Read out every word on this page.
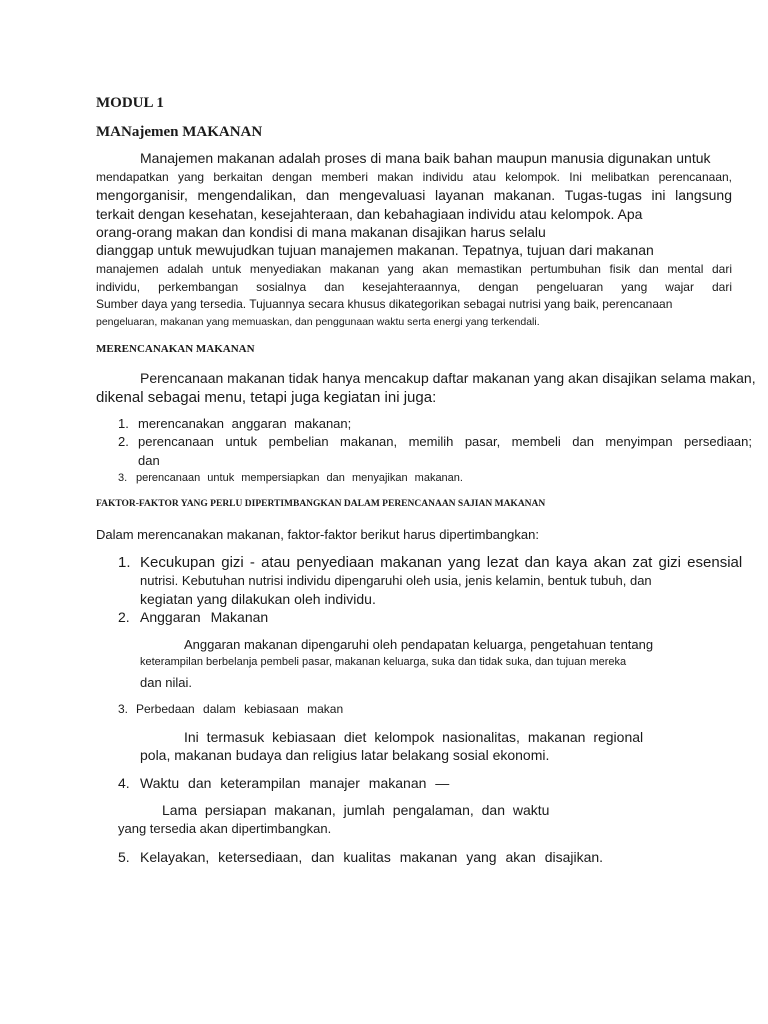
MODUL 1

MANajemen MAKANAN

Manajemen makanan adalah proses di mana baik bahan maupun manusia digunakan untuk

mendapatkan yang berkaitan dengan memberi makan individu atau kelompok. Ini melibatkan perencanaan,

mengorganisir, mengendalikan, dan mengevaluasi layanan makanan. Tugas-tugas ini langsung

terkait dengan kesehatan, kesejahteraan, dan kebahagiaan individu atau kelompok. Apa

orang-orang makan dan kondisi di mana makanan disajikan harus selalu

dianggap untuk mewujudkan tujuan manajemen makanan. Tepatnya, tujuan dari makanan

manajemen adalah untuk menyediakan makanan yang akan memastikan pertumbuhan fisik dan mental dari

individu, perkembangan sosialnya dan kesejahteraannya, dengan pengeluaran yang wajar dari

Sumber daya yang tersedia. Tujuannya secara khusus dikategorikan sebagai nutrisi yang baik, perencanaan

pengeluaran, makanan yang memuaskan, dan penggunaan waktu serta energi yang terkendali.

MERENCANAKAN MAKANAN

Perencanaan makanan tidak hanya mencakup daftar makanan yang akan disajikan selama makan,

dikenal sebagai menu, tetapi juga kegiatan ini juga:

1. merencanakan anggaran makanan;

2. perencanaan untuk pembelian makanan, memilih pasar, membeli dan menyimpan persediaan;

dan

3. perencanaan untuk mempersiapkan dan menyajikan makanan.

FAKTOR-FAKTOR YANG PERLU DIPERTIMBANGKAN DALAM PERENCANAAN SAJIAN MAKANAN

Dalam merencanakan makanan, faktor-faktor berikut harus dipertimbangkan:

1. Kecukupan gizi - atau penyediaan makanan yang lezat dan kaya akan zat gizi esensial

nutrisi. Kebutuhan nutrisi individu dipengaruhi oleh usia, jenis kelamin, bentuk tubuh, dan

kegiatan yang dilakukan oleh individu.

2. Anggaran Makanan

Anggaran makanan dipengaruhi oleh pendapatan keluarga, pengetahuan tentang

keterampilan berbelanja pembeli pasar, makanan keluarga, suka dan tidak suka, dan tujuan mereka

dan nilai.

3. Perbedaan dalam kebiasaan makan

Ini termasuk kebiasaan diet kelompok nasionalitas, makanan regional

pola, makanan budaya dan religius latar belakang sosial ekonomi.

4. Waktu dan keterampilan manajer makanan —

Lama persiapan makanan, jumlah pengalaman, dan waktu

yang tersedia akan dipertimbangkan.

5. Kelayakan, ketersediaan, dan kualitas makanan yang akan disajikan.
